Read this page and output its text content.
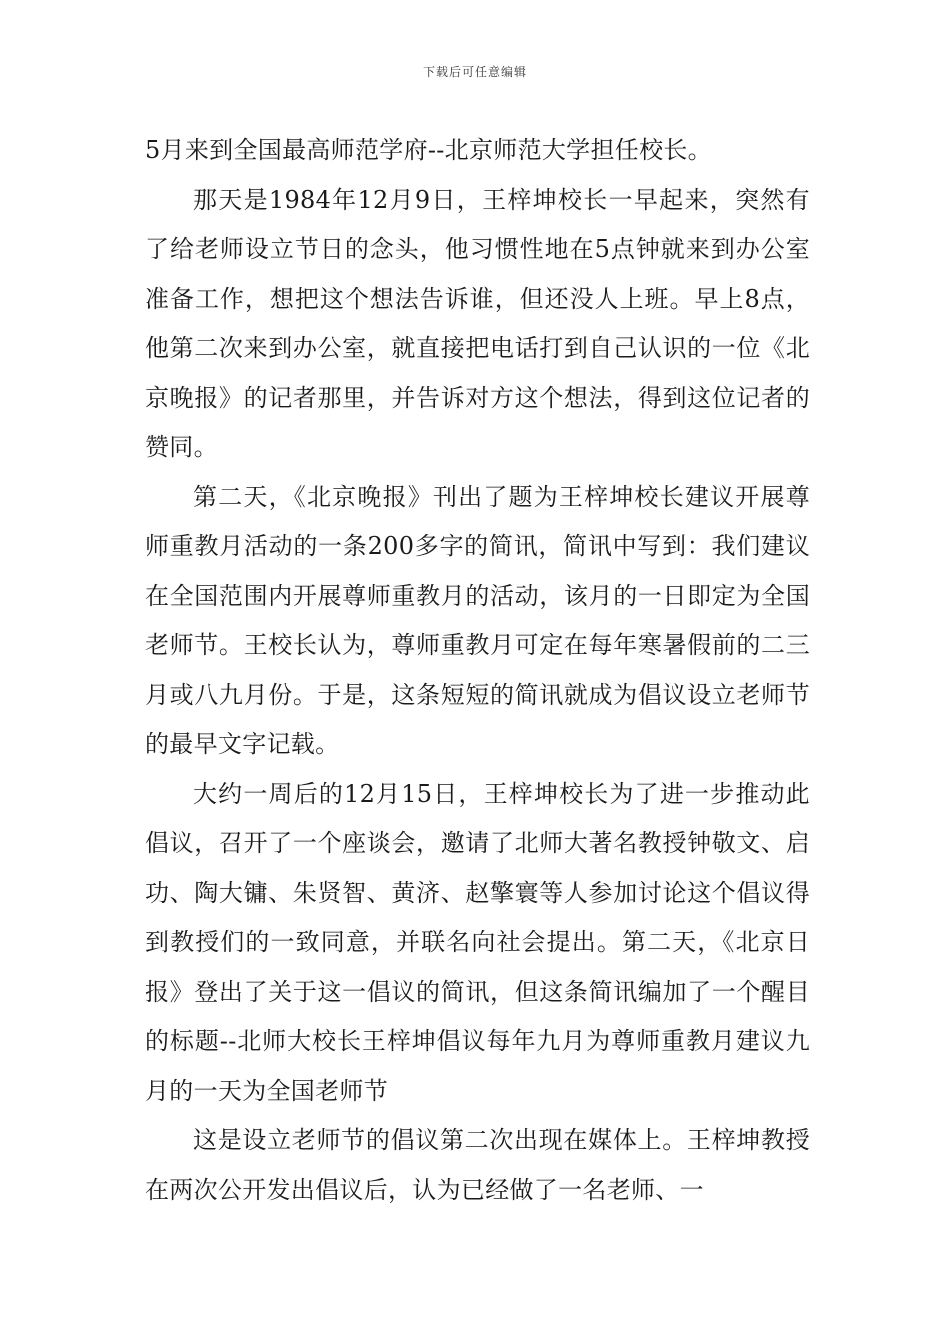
下载后可任意编辑

5月来到全国最高师范学府--北京师范大学担任校长。

那天是1984年12月9日，王梓坤校长一早起来，突然有了给老师设立节日的念头，他习惯性地在5点钟就来到办公室准备工作，想把这个想法告诉谁，但还没人上班。早上8点，他第二次来到办公室，就直接把电话打到自己认识的一位《北京晚报》的记者那里，并告诉对方这个想法，得到这位记者的赞同。

第二天，《北京晚报》刊出了题为王梓坤校长建议开展尊师重教月活动的一条200多字的简讯，简讯中写到：我们建议在全国范围内开展尊师重教月的活动，该月的一日即定为全国老师节。王校长认为，尊师重教月可定在每年寒暑假前的二三月或八九月份。于是，这条短短的简讯就成为倡议设立老师节的最早文字记载。

大约一周后的12月15日，王梓坤校长为了进一步推动此倡议，召开了一个座谈会，邀请了北师大著名教授钟敬文、启功、陶大镛、朱贤智、黄济、赵擎寰等人参加讨论这个倡议得到教授们的一致同意，并联名向社会提出。第二天，《北京日报》登出了关于这一倡议的简讯，但这条简讯编加了一个醒目的标题--北师大校长王梓坤倡议每年九月为尊师重教月建议九月的一天为全国老师节

这是设立老师节的倡议第二次出现在媒体上。王梓坤教授在两次公开发出倡议后，认为已经做了一名老师、一
